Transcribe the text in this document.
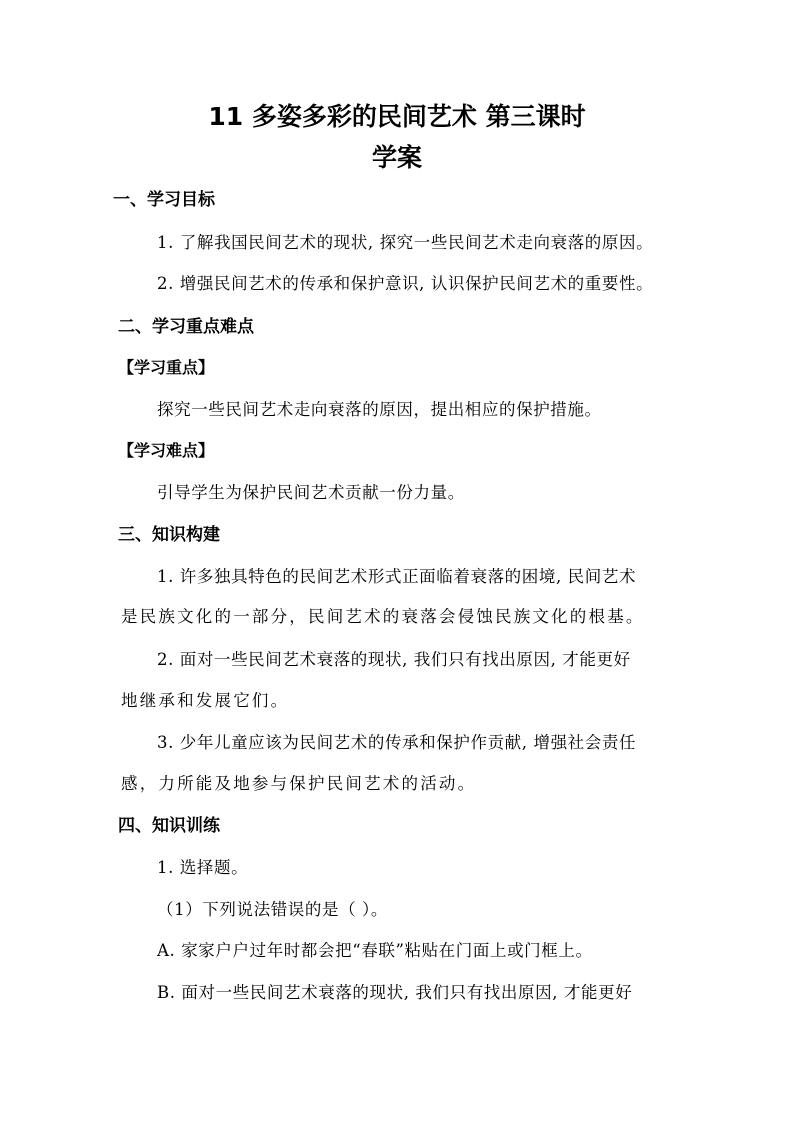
11 多姿多彩的民间艺术 第三课时
学案
一、学习目标
1. 了解我国民间艺术的现状, 探究一些民间艺术走向衰落的原因。
2. 增强民间艺术的传承和保护意识, 认识保护民间艺术的重要性。
二、学习重点难点
【学习重点】
探究一些民间艺术走向衰落的原因，提出相应的保护措施。
【学习难点】
引导学生为保护民间艺术贡献一份力量。
三、知识构建
1. 许多独具特色的民间艺术形式正面临着衰落的困境, 民间艺术
是民族文化的一部分，民间艺术的衰落会侵蚀民族文化的根基。
2. 面对一些民间艺术衰落的现状, 我们只有找出原因, 才能更好
地继承和发展它们。
3. 少年儿童应该为民间艺术的传承和保护作贡献, 增强社会责任
感，力所能及地参与保护民间艺术的活动。
四、知识训练
1. 选择题。
（1）下列说法错误的是（ ）。
A. 家家户户过年时都会把“春联”粘贴在门面上或门框上。
B. 面对一些民间艺术衰落的现状, 我们只有找出原因, 才能更好
